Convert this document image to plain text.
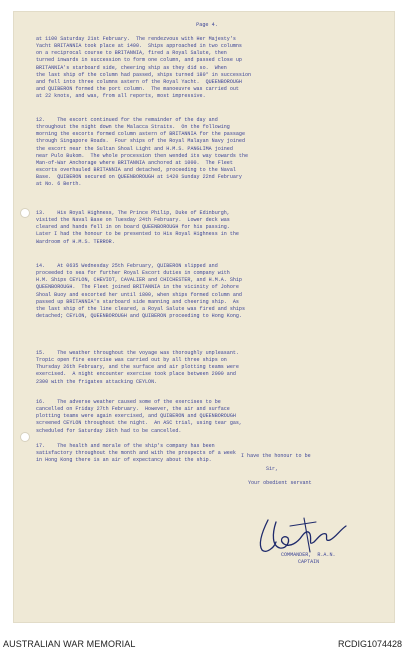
Page 4.

at 1100 Saturday 21st February.  The rendezvous with Her Majesty's
Yacht BRITANNIA took place at 1400.  Ships approached in two columns
on a reciprocal course to BRITANNIA, fired a Royal Salute, then
turned inwards in succession to form one column, and passed close up
BRITANNIA's starboard side, cheering ship as they did so.  When
the last ship of the column had passed, ships turned 180° in succession
and fell into three columns astern of the Royal Yacht.  QUEENBOROUGH
and QUIBERON formed the port column.  The manoeuvre was carried out
at 22 knots, and was, from all reports, most impressive.
12.    The escort continued for the remainder of the day and
throughout the night down the Malacca Straits.  On the following
morning the escorts formed column astern of BRITANNIA for the passage
through Singapore Roads.  Four ships of the Royal Malayan Navy joined
the escort near the Sultan Shoal Light and H.M.S. PANGLIMA joined
near Pulo Bukom.  The whole procession then wended its way towards the
Man-of-War Anchorage where BRITANNIA anchored at 1000.  The Fleet
escorts overhauled BRITANNIA and detached, proceeding to the Naval
Base.  QUIBERON secured on QUEENBOROUGH at 1420 Sunday 22nd February
at No. 6 Berth.
13.    His Royal Highness, The Prince Philip, Duke of Edinburgh,
visited the Naval Base on Tuesday 24th February.  Lower deck was
cleared and hands fell in on board QUEENBOROUGH for his passing.
Later I had the honour to be presented to His Royal Highness in the
Wardroom of H.M.S. TERROR.
14.    At 0635 Wednesday 25th February, QUIBERON slipped and
proceeded to sea for further Royal Escort duties in company with
H.M. Ships CEYLON, CHEVIOT, CAVALIER and CHICHESTER, and H.M.A. Ship
QUEENBOROUGH.  The Fleet joined BRITANNIA in the vicinity of Johore
Shoal Buoy and escorted her until 1800, when ships formed column and
passed up BRITANNIA's starboard side manning and cheering ship.  As
the last ship of the line cleared, a Royal Salute was fired and ships
detached; CEYLON, QUEENBOROUGH and QUIBERON proceeding to Hong Kong.
15.    The weather throughout the voyage was thoroughly unpleasant.
Tropic open fire exercise was carried out by all three ships on
Thursday 26th February, and the surface and air plotting teams were
exercised.  A night encounter exercise took place between 2000 and
2300 with the frigates attacking CEYLON.
16.    The adverse weather caused some of the exercises to be
cancelled on Friday 27th February.  However, the air and surface
plotting teams were again exercised, and QUIBERON and QUEENBOROUGH
screened CEYLON throughout the night.  An ASC trial, using tear gas,
scheduled for Saturday 28th had to be cancelled.
17.    The health and morale of the ship's company has been
satisfactory throughout the month and with the prospects of a week
in Hong Kong there is an air of expectancy about the ship.

I have the honour to be

Sir,

Your obedient servant

COMMANDER,  R.A.N.

CAPTAIN

AUSTRALIAN WAR MEMORIAL	RCDIG1074428
